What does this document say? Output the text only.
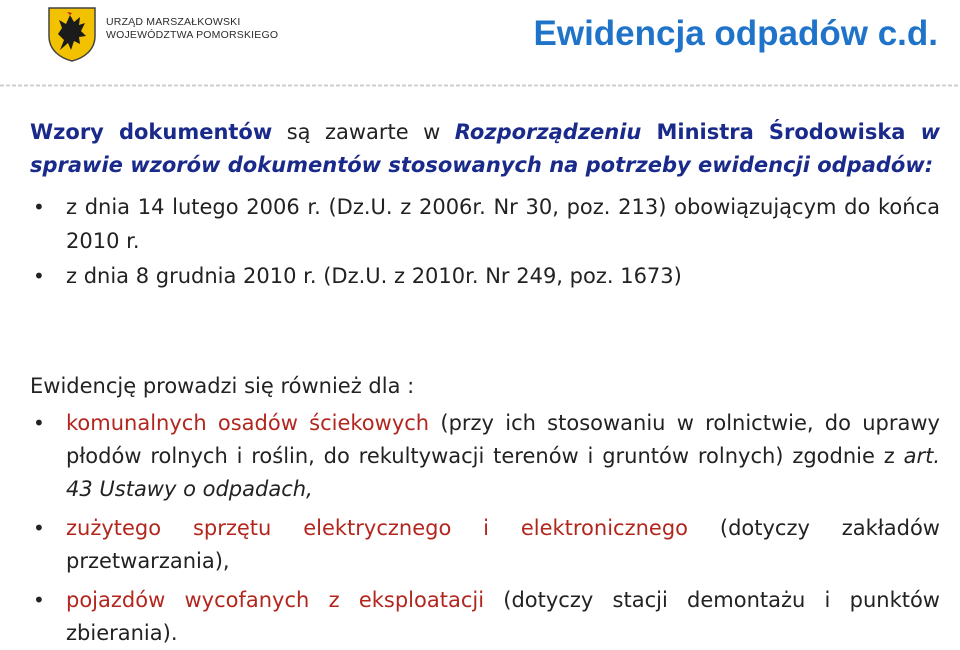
URZĄD MARSZAŁKOWSKI
WOJEWÓDZTWA POMORSKIEGO	Ewidencja odpadów c.d.
Wzory dokumentów są zawarte w Rozporządzeniu Ministra Środowiska w sprawie wzorów dokumentów stosowanych na potrzeby ewidencji odpadów:
• z dnia 14 lutego 2006 r. (Dz.U. z 2006r. Nr 30, poz. 213) obowiązującym do końca 2010 r.
• z dnia 8 grudnia 2010 r. (Dz.U. z 2010r. Nr 249, poz. 1673)
Ewidencję prowadzi się również dla :
• komunalnych osadów ściekowych (przy ich stosowaniu w rolnictwie, do uprawy płodów rolnych i roślin, do rekultywacji terenów i gruntów rolnych) zgodnie z art. 43 Ustawy o odpadach,
• zużytego sprzętu elektrycznego i elektronicznego (dotyczy zakładów przetwarzania),
• pojazdów wycofanych z eksploatacji (dotyczy stacji demontażu i punktów zbierania).
